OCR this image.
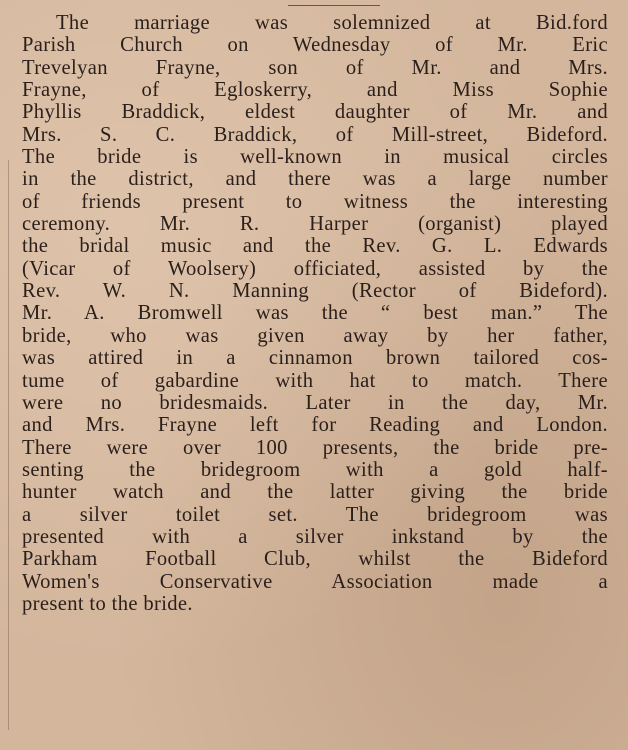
The marriage was solemnized at Bid.ford
Parish Church on Wednesday of Mr. Eric
Trevelyan Frayne, son of Mr. and Mrs.
Frayne, of Egloskerry, and Miss Sophie
Phyllis Braddick, eldest daughter of Mr. and
Mrs. S. C. Braddick, of Mill-street, Bideford.
The bride is well-known in musical circles
in the district, and there was a large number
of friends present to witness the interesting
ceremony. Mr. R. Harper (organist) played
the bridal music and the Rev. G. L. Edwards
(Vicar of Woolsery) officiated, assisted by the
Rev. W. N. Manning (Rector of Bideford).
Mr. A. Bromwell was the “ best man.” The
bride, who was given away by her father,
was attired in a cinnamon brown tailored cos-
tume of gabardine with hat to match. There
were no bridesmaids. Later in the day, Mr.
and Mrs. Frayne left for Reading and London.
There were over 100 presents, the bride pre-
senting the bridegroom with a gold half-
hunter watch and the latter giving the bride
a silver toilet set. The bridegroom was
presented with a silver inkstand by the
Parkham Football Club, whilst the Bideford
Women's Conservative Association made a
present to the bride.
